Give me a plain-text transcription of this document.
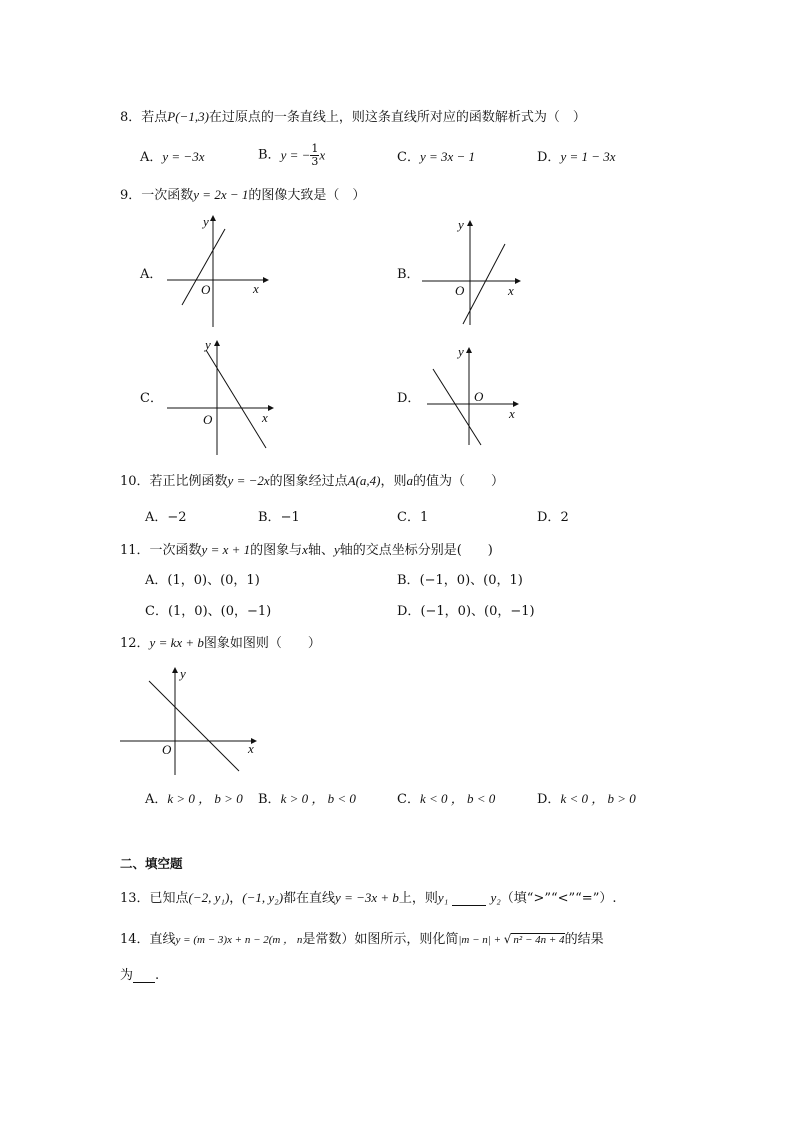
8．若点P(−1,3)在过原点的一条直线上，则这条直线所对应的函数解析式为（　）
A．y = −3x	B．y = − $\frac{1}{3}$ x	C．y = 3x − 1	D．y = 1 − 3x
9．一次函数y = 2x − 1的图像大致是（　）
A．
y
x
O
B．
y
x
O
C．
y
x
O
D．
y
x
O
10．若正比例函数y = −2x的图象经过点A(a,4)，则a的值为（　　）
A．−2	B．−1	C．1	D．2
11．一次函数y = x + 1的图象与x轴、y轴的交点坐标分别是(　　)
A．(1，0)、(0，1)	B．(−1，0)、(0，1)
C．(1，0)、(0，−1)	D．(−1，0)、(0，−1)
12．y = kx + b图象如图则（　　）
y
x
O
A．k > 0 ， b > 0 B．k > 0 ， b < 0	C．k < 0 ， b < 0	D．k < 0 ， b > 0
二、填空题
13．已知点(−2, y₁)，(−1, y₂)都在直线y = −3x + b上，则y₁	y₂（填“>”“<”“=”）.
14．直线y = (m − 3)x + n − 2(m ， n是常数）如图所示，则化简|m − n| + √ n² − 4n + 4的结果
为 .
